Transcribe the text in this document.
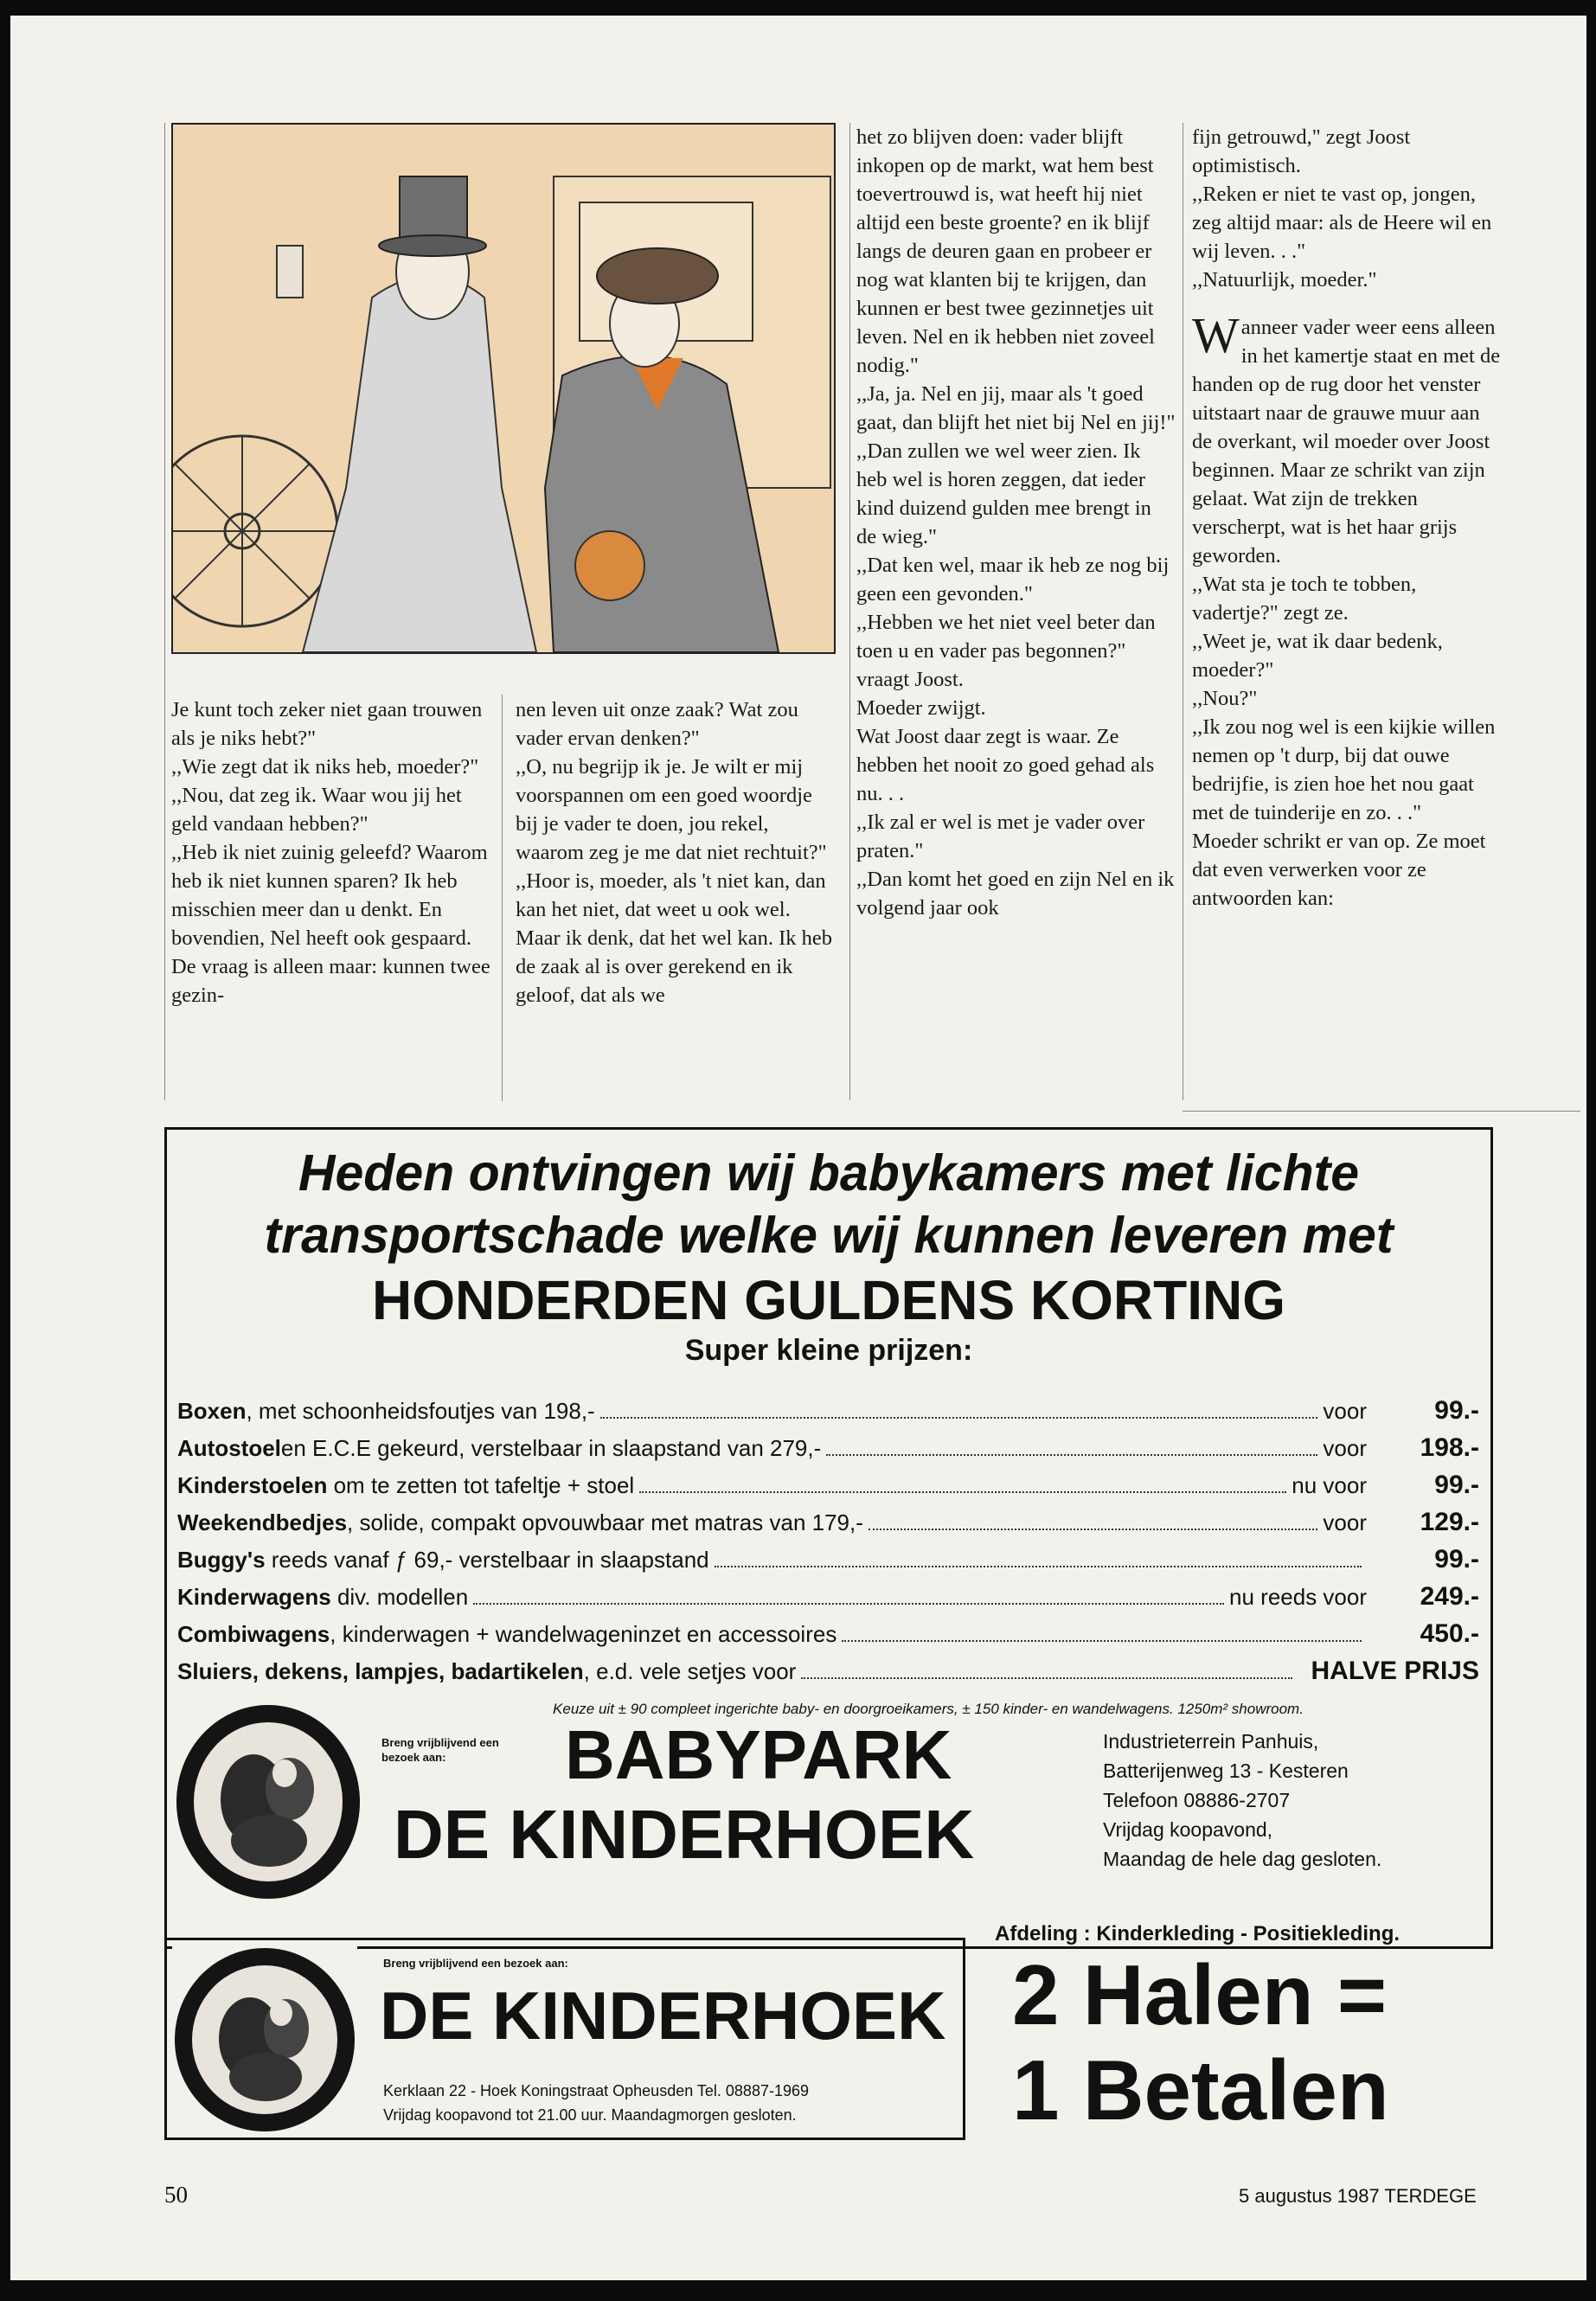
Je kunt toch zeker niet gaan trouwen als je niks hebt?"

,,Wie zegt dat ik niks heb, moeder?"

,,Nou, dat zeg ik. Waar wou jij het geld vandaan hebben?"

,,Heb ik niet zuinig geleefd? Waarom heb ik niet kunnen sparen? Ik heb misschien meer dan u denkt. En bovendien, Nel heeft ook gespaard. De vraag is alleen maar: kunnen twee gezin-

nen leven uit onze zaak? Wat zou vader ervan denken?"

,,O, nu begrijp ik je. Je wilt er mij voorspannen om een goed woordje bij je vader te doen, jou rekel, waarom zeg je me dat niet rechtuit?"

,,Hoor is, moeder, als 't niet kan, dan kan het niet, dat weet u ook wel. Maar ik denk, dat het wel kan. Ik heb de zaak al is over gerekend en ik geloof, dat als we

het zo blijven doen: vader blijft inkopen op de markt, wat hem best toevertrouwd is, wat heeft hij niet altijd een beste groente? en ik blijf langs de deuren gaan en probeer er nog wat klanten bij te krijgen, dan kunnen er best twee gezinnetjes uit leven. Nel en ik hebben niet zoveel nodig."

,,Ja, ja. Nel en jij, maar als 't goed gaat, dan blijft het niet bij Nel en jij!"

,,Dan zullen we wel weer zien. Ik heb wel is horen zeggen, dat ieder kind duizend gulden mee brengt in de wieg."

,,Dat ken wel, maar ik heb ze nog bij geen een gevonden."

,,Hebben we het niet veel beter dan toen u en vader pas begonnen?" vraagt Joost.

Moeder zwijgt.

Wat Joost daar zegt is waar. Ze hebben het nooit zo goed gehad als nu. . .

,,Ik zal er wel is met je vader over praten."

,,Dan komt het goed en zijn Nel en ik volgend jaar ook

fijn getrouwd," zegt Joost optimistisch.

,,Reken er niet te vast op, jongen, zeg altijd maar: als de Heere wil en wij leven. . ."

,,Natuurlijk, moeder."

Wanneer vader weer eens alleen in het kamertje staat en met de handen op de rug door het venster uitstaart naar de grauwe muur aan de overkant, wil moeder over Joost beginnen. Maar ze schrikt van zijn gelaat. Wat zijn de trekken verscherpt, wat is het haar grijs geworden.

,,Wat sta je toch te tobben, vadertje?" zegt ze.

,,Weet je, wat ik daar bedenk, moeder?"

,,Nou?"

,,Ik zou nog wel is een kijkie willen nemen op 't durp, bij dat ouwe bedrijfie, is zien hoe het nou gaat met de tuinderije en zo. . ."

Moeder schrikt er van op. Ze moet dat even verwerken voor ze antwoorden kan:

Heden ontvingen wij babykamers met lichte
transportschade welke wij kunnen leveren met
HONDERDEN GULDENS KORTING
Super kleine prijzen:
Boxen, met schoonheidsfoutjes van 198,-	voor	99.-
Autostoelen E.C.E gekeurd, verstelbaar in slaapstand van 279,-	voor	198.-
Kinderstoelen om te zetten tot tafeltje + stoel	nu voor	99.-
Weekendbedjes, solide, compakt opvouwbaar met matras van 179,-	voor	129.-
Buggy's reeds vanaf ƒ 69,- verstelbaar in slaapstand	99.-
Kinderwagens div. modellen	nu reeds voor	249.-
Combiwagens, kinderwagen + wandelwageninzet en accessoires	450.-
Sluiers, dekens, lampjes, badartikelen, e.d. vele setjes voor	HALVE PRIJS
Keuze uit ± 90 compleet ingerichte baby- en doorgroeikamers, ± 150 kinder- en wandelwagens. 1250m² showroom.
Breng vrijblijvend een bezoek aan:	BABYPARK
DE KINDERHOEK
Industrieterrein Panhuis,
Batterijenweg 13 - Kesteren
Telefoon 08886-2707
Vrijdag koopavond,
Maandag de hele dag gesloten.
Breng vrijblijvend een bezoek aan:
DE KINDERHOEK
Kerklaan 22 - Hoek Koningstraat Opheusden Tel. 08887-1969
Vrijdag koopavond tot 21.00 uur. Maandagmorgen gesloten.
Afdeling : Kinderkleding - Positiekleding.
2 Halen =
1 Betalen
50	5 augustus 1987 TERDEGE
